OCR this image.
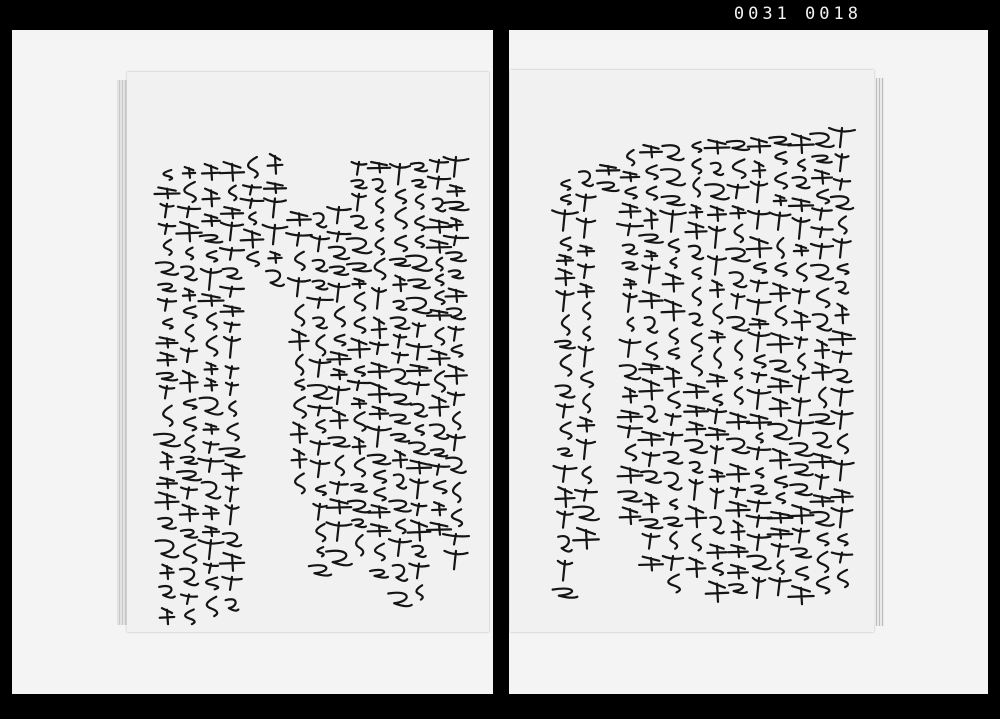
0031 0018
